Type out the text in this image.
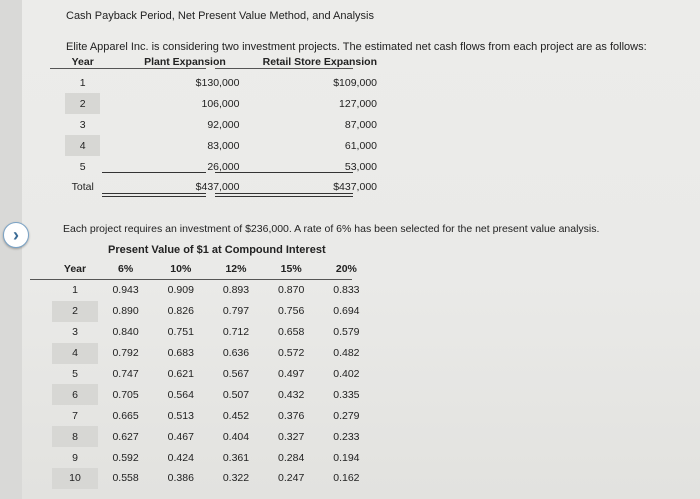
Cash Payback Period, Net Present Value Method, and Analysis
Elite Apparel Inc. is considering two investment projects. The estimated net cash flows from each project are as follows:
Year	Plant Expansion		Retail Store Expansion
1	$130,000		$109,000
2	106,000		127,000
3	92,000		87,000
4	83,000		61,000
5	26,000		53,000
Total	$437,000		$437,000
Each project requires an investment of $236,000. A rate of 6% has been selected for the net present value analysis.
Present Value of $1 at Compound Interest
Year	6%	10%	12%	15%	20%
1	0.943	0.909	0.893	0.870	0.833
2	0.890	0.826	0.797	0.756	0.694
3	0.840	0.751	0.712	0.658	0.579
4	0.792	0.683	0.636	0.572	0.482
5	0.747	0.621	0.567	0.497	0.402
6	0.705	0.564	0.507	0.432	0.335
7	0.665	0.513	0.452	0.376	0.279
8	0.627	0.467	0.404	0.327	0.233
9	0.592	0.424	0.361	0.284	0.194
10	0.558	0.386	0.322	0.247	0.162
›
